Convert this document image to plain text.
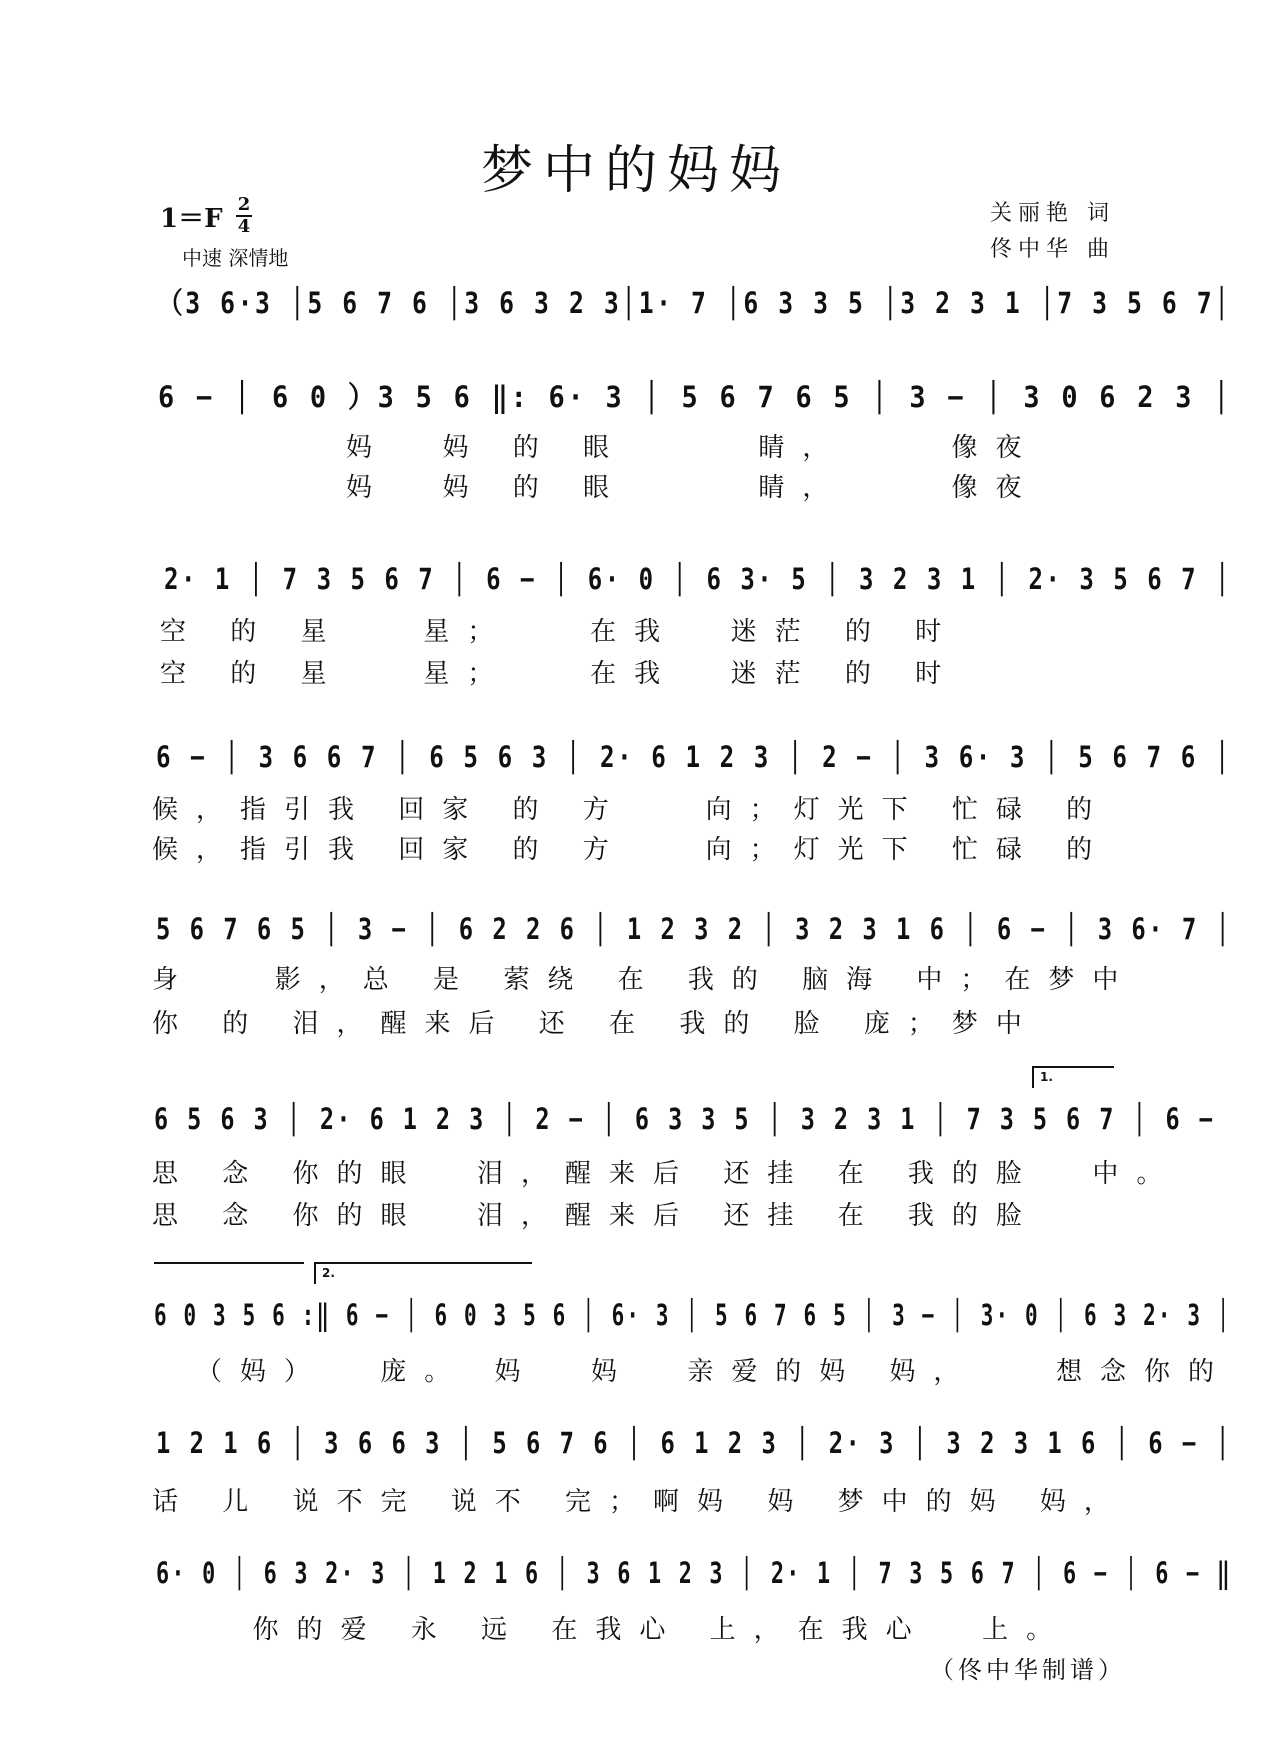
梦中的妈妈
1＝F 2
4
中速 深情地
关丽艳 词
佟中华 曲
（3 6·3 │5 6 7 6 │3 6 3 2 3│1· 7 │6 3 3 5 │3 2 3 1 │7 3 5 6 7│
6 − │ 6 0 ）3 5 6 ‖: 6· 3 │ 5 6 7 6 5 │ 3 − │ 3 0 6 2 3 │
妈  妈 的 眼     睛，    像夜
妈  妈 的 眼     睛，    像夜
2· 1 │ 7 3 5 6 7 │ 6 − │ 6· 0 │ 6 3· 5 │ 3 2 3 1 │ 2· 3 5 6 7 │
空 的 星   星；   在我  迷茫 的 时
空 的 星   星；   在我  迷茫 的 时
6 − │ 3 6 6 7 │ 6 5 6 3 │ 2· 6 1 2 3 │ 2 − │ 3 6· 3 │ 5 6 7 6 │
候，指引我 回家 的 方   向；灯光下 忙碌 的
候，指引我 回家 的 方   向；灯光下 忙碌 的
5 6 7 6 5 │ 3 − │ 6 2 2 6 │ 1 2 3 2 │ 3 2 3 1 6 │ 6 − │ 3 6· 7 │
身   影，总 是 萦绕 在 我的 脑海 中；在梦中
你 的 泪，醒来后 还 在 我的 脸 庞；梦中
1.
6 5 6 3 │ 2· 6 1 2 3 │ 2 − │ 6 3 3 5 │ 3 2 3 1 │ 7 3 5 6 7 │ 6 −
思 念 你的眼  泪，醒来后 还挂 在 我的脸  中。
思 念 你的眼  泪，醒来后 还挂 在 我的脸
2.
6 0 3 5 6 :‖ 6 − │ 6 0 3 5 6 │ 6· 3 │ 5 6 7 6 5 │ 3 − │ 3· 0 │ 6 3 2· 3 │
（妈）  庞。 妈  妈  亲爱的妈 妈，   想念你的
1 2 1 6 │ 3 6 6 3 │ 5 6 7 6 │ 6 1 2 3 │ 2· 3 │ 3 2 3 1 6 │ 6 − │
话 儿 说不完 说不 完；啊妈 妈 梦中的妈 妈，
6· 0 │ 6 3 2· 3 │ 1 2 1 6 │ 3 6 1 2 3 │ 2· 1 │ 7 3 5 6 7 │ 6 − │ 6 − ‖
你的爱 永 远 在我心 上，在我心  上。
（佟中华制谱）
